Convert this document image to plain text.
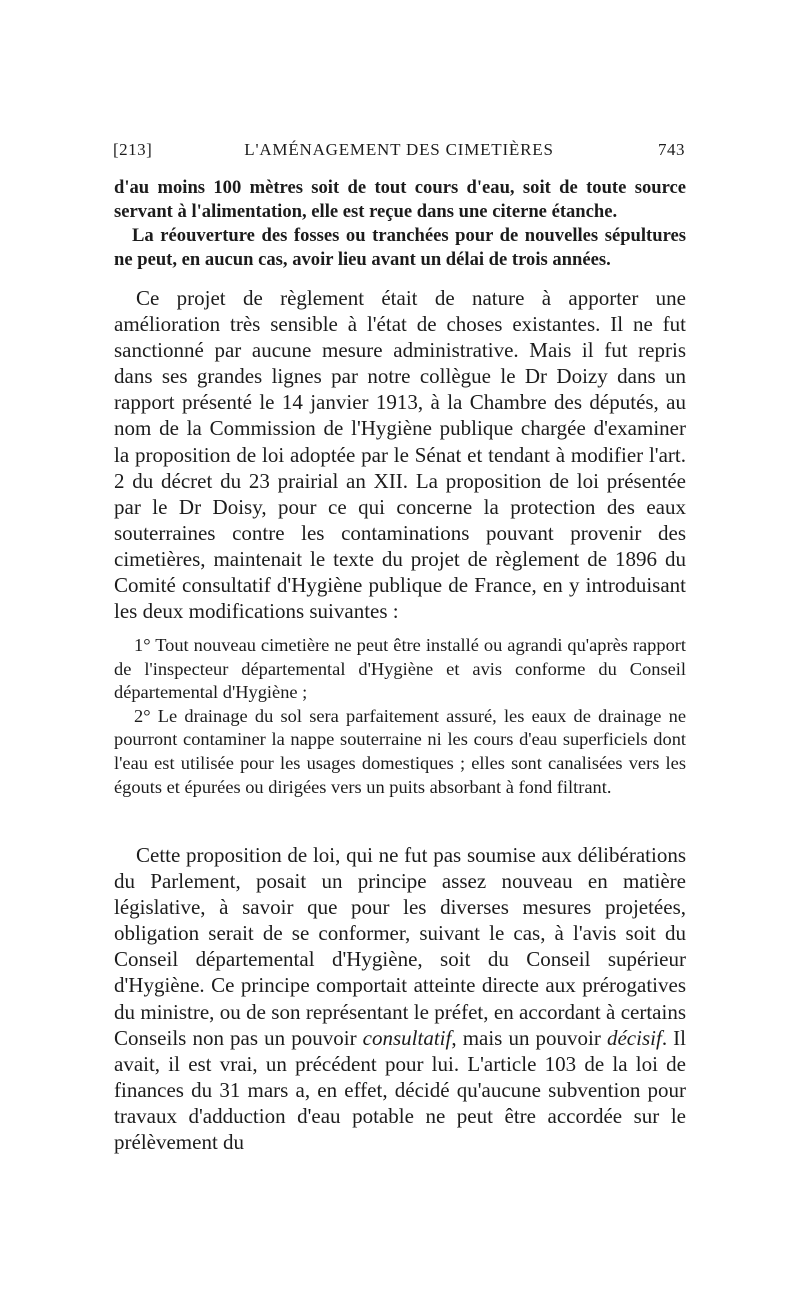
[213]	L'AMÉNAGEMENT DES CIMETIÈRES	743

d'au moins 100 mètres soit de tout cours d'eau, soit de toute source servant à l'alimentation, elle est reçue dans une citerne étanche.

La réouverture des fosses ou tranchées pour de nouvelles sépultures ne peut, en aucun cas, avoir lieu avant un délai de trois années.

Ce projet de règlement était de nature à apporter une amélioration très sensible à l'état de choses existantes. Il ne fut sanctionné par aucune mesure administrative. Mais il fut repris dans ses grandes lignes par notre collègue le Dr Doizy dans un rapport présenté le 14 janvier 1913, à la Chambre des députés, au nom de la Commission de l'Hygiène publique chargée d'examiner la proposition de loi adoptée par le Sénat et tendant à modifier l'art. 2 du décret du 23 prairial an XII. La proposition de loi présentée par le Dr Doisy, pour ce qui concerne la protection des eaux souterraines contre les contaminations pouvant provenir des cimetières, maintenait le texte du projet de règlement de 1896 du Comité consultatif d'Hygiène publique de France, en y introduisant les deux modifications suivantes :

1° Tout nouveau cimetière ne peut être installé ou agrandi qu'après rapport de l'inspecteur départemental d'Hygiène et avis conforme du Conseil départemental d'Hygiène ;

2° Le drainage du sol sera parfaitement assuré, les eaux de drainage ne pourront contaminer la nappe souterraine ni les cours d'eau superficiels dont l'eau est utilisée pour les usages domestiques ; elles sont canalisées vers les égouts et épurées ou dirigées vers un puits absorbant à fond filtrant.

Cette proposition de loi, qui ne fut pas soumise aux délibérations du Parlement, posait un principe assez nouveau en matière législative, à savoir que pour les diverses mesures projetées, obligation serait de se conformer, suivant le cas, à l'avis soit du Conseil départemental d'Hygiène, soit du Conseil supérieur d'Hygiène. Ce principe comportait atteinte directe aux prérogatives du ministre, ou de son représentant le préfet, en accordant à certains Conseils non pas un pouvoir consultatif, mais un pouvoir décisif. Il avait, il est vrai, un précédent pour lui. L'article 103 de la loi de finances du 31 mars a, en effet, décidé qu'aucune subvention pour travaux d'adduction d'eau potable ne peut être accordée sur le prélèvement du
